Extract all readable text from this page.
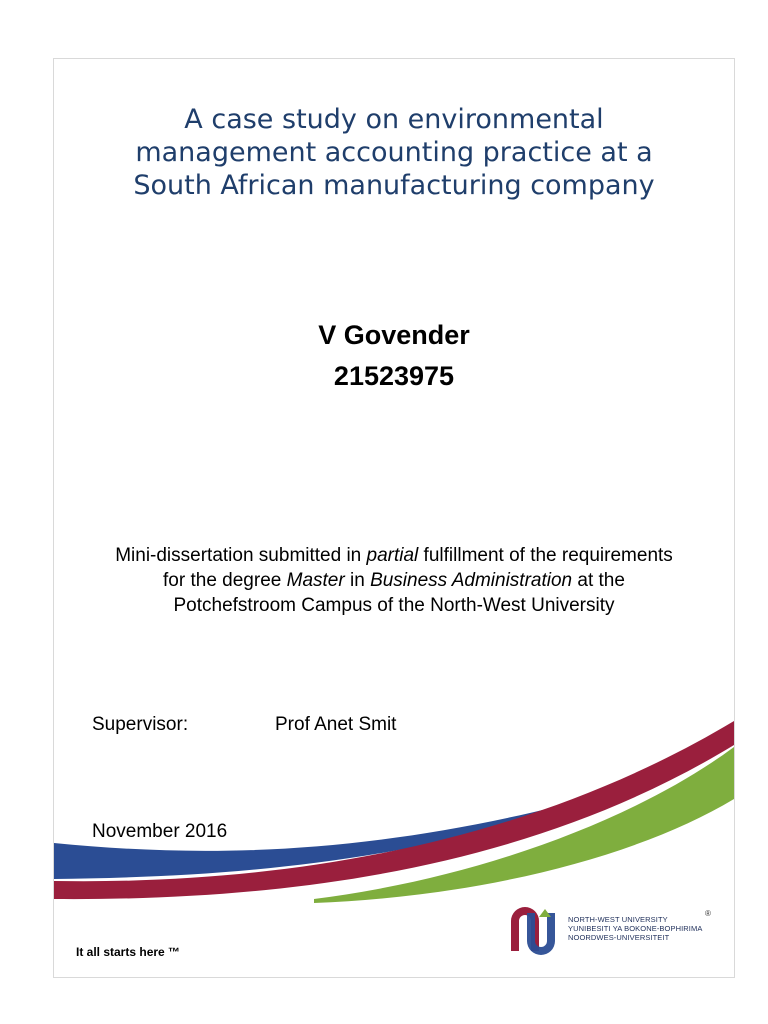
A case study on environmental
management accounting practice at a
South African manufacturing company
V Govender
21523975
Mini-dissertation submitted in partial fulfillment of the requirements for the degree Master in Business Administration at the Potchefstroom Campus of the North-West University
Supervisor:	Prof Anet Smit
November 2016
It all starts here ™
NORTH-WEST UNIVERSITY
YUNIBESITI YA BOKONE-BOPHIRIMA
NOORDWES-UNIVERSITEIT
®
